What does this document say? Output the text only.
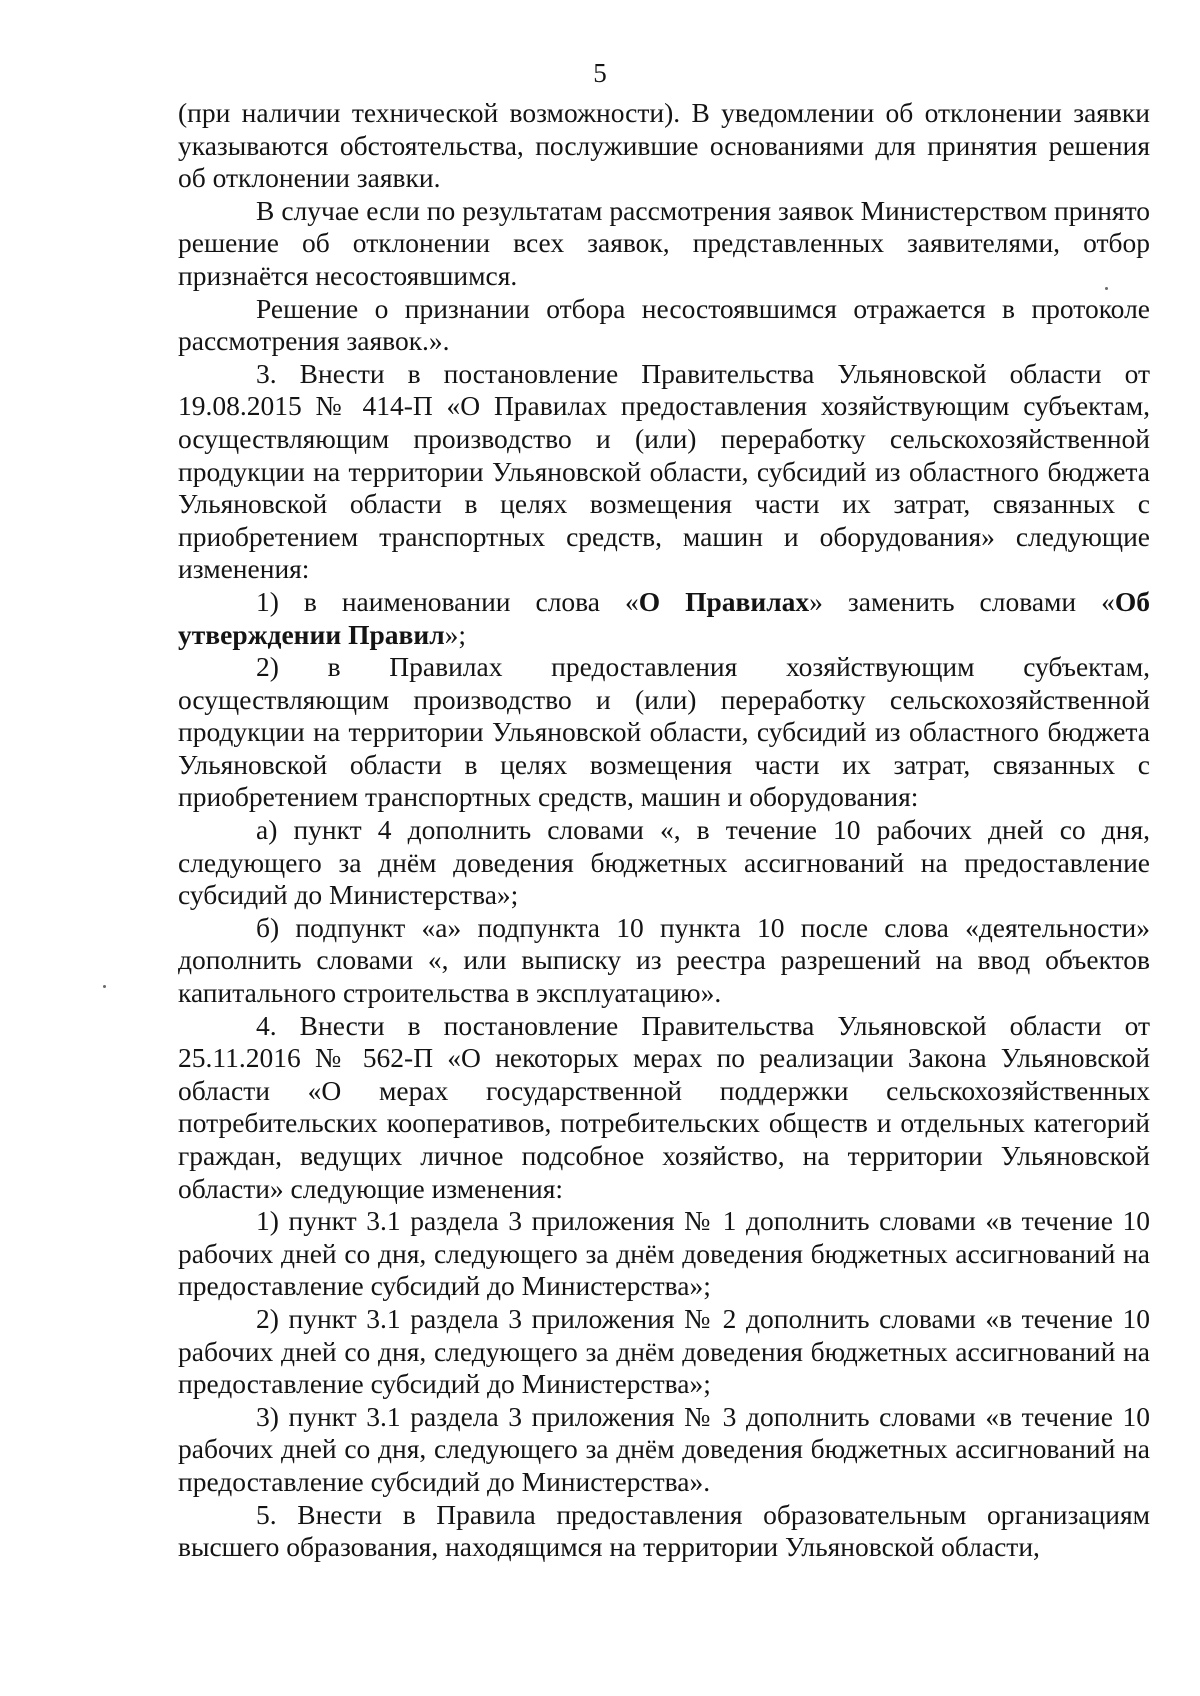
5

(при наличии технической возможности). В уведомлении об отклонении заявки указываются обстоятельства, послужившие основаниями для принятия решения об отклонении заявки.

В случае если по результатам рассмотрения заявок Министерством принято решение об отклонении всех заявок, представленных заявителями, отбор признаётся несостоявшимся.

Решение о признании отбора несостоявшимся отражается в протоколе рассмотрения заявок.».

3. Внести в постановление Правительства Ульяновской области от 19.08.2015 № 414-П «О Правилах предоставления хозяйствующим субъектам, осуществляющим производство и (или) переработку сельскохозяйственной продукции на территории Ульяновской области, субсидий из областного бюджета Ульяновской области в целях возмещения части их затрат, связанных с приобретением транспортных средств, машин и оборудования» следующие изменения:

1) в наименовании слова «О Правилах» заменить словами «Об утверждении Правил»;

2) в Правилах предоставления хозяйствующим субъектам, осуществляющим производство и (или) переработку сельскохозяйственной продукции на территории Ульяновской области, субсидий из областного бюджета Ульяновской области в целях возмещения части их затрат, связанных с приобретением транспортных средств, машин и оборудования:

а) пункт 4 дополнить словами «, в течение 10 рабочих дней со дня, следующего за днём доведения бюджетных ассигнований на предоставление субсидий до Министерства»;

б) подпункт «а» подпункта 10 пункта 10 после слова «деятельности» дополнить словами «, или выписку из реестра разрешений на ввод объектов капитального строительства в эксплуатацию».

4. Внести в постановление Правительства Ульяновской области от 25.11.2016 № 562-П «О некоторых мерах по реализации Закона Ульяновской области «О мерах государственной поддержки сельскохозяйственных потребительских кооперативов, потребительских обществ и отдельных категорий граждан, ведущих личное подсобное хозяйство, на территории Ульяновской области» следующие изменения:

1) пункт 3.1 раздела 3 приложения № 1 дополнить словами «в течение 10 рабочих дней со дня, следующего за днём доведения бюджетных ассигнований на предоставление субсидий до Министерства»;

2) пункт 3.1 раздела 3 приложения № 2 дополнить словами «в течение 10 рабочих дней со дня, следующего за днём доведения бюджетных ассигнований на предоставление субсидий до Министерства»;

3) пункт 3.1 раздела 3 приложения № 3 дополнить словами «в течение 10 рабочих дней со дня, следующего за днём доведения бюджетных ассигнований на предоставление субсидий до Министерства».

5. Внести в Правила предоставления образовательным организациям высшего образования, находящимся на территории Ульяновской области,
